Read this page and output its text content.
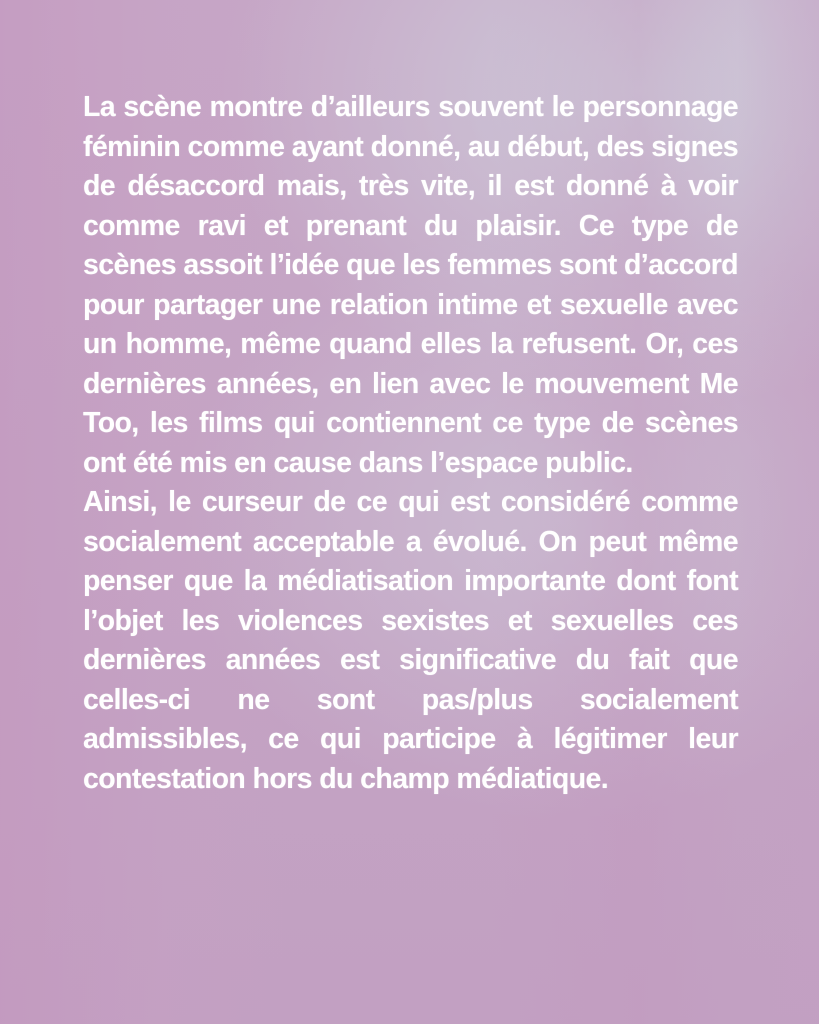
La scène montre d’ailleurs souvent le personnage féminin comme ayant donné, au début, des signes de désaccord mais, très vite, il est donné à voir comme ravi et prenant du plaisir. Ce type de scènes assoit l’idée que les femmes sont d’accord pour partager une relation intime et sexuelle avec un homme, même quand elles la refusent. Or, ces dernières années, en lien avec le mouvement Me Too, les films qui contiennent ce type de scènes ont été mis en cause dans l’espace public.

Ainsi, le curseur de ce qui est considéré comme socialement acceptable a évolué. On peut même penser que la médiatisation importante dont font l’objet les violences sexistes et sexuelles ces dernières années est significative du fait que celles-ci ne sont pas/plus socialement admissibles, ce qui participe à légitimer leur contestation hors du champ médiatique.
